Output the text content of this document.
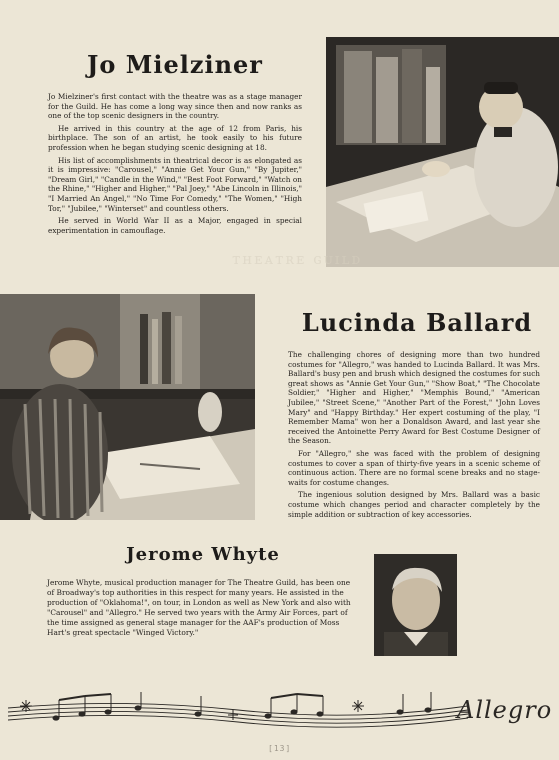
Jo Mielziner

Jo Mielziner's first contact with the theatre was as a stage manager for the Guild. He has come a long way since then and now ranks as one of the top scenic designers in the country.

He arrived in this country at the age of 12 from Paris, his birthplace. The son of an artist, he took easily to his future profession when he began studying scenic designing at 18.

His list of accomplishments in theatrical decor is as elongated as it is impressive: "Carousel," "Annie Get Your Gun," "By Jupiter," "Dream Girl," "Candle in the Wind," "Best Foot Forward," "Watch on the Rhine," "Higher and Higher," "Pal Joey," "Abe Lincoln in Illinois," "I Married An Angel," "No Time For Comedy," "The Women," "High Tor," "Jubilee," "Winterset" and countless others.

He served in World War II as a Major, engaged in special experimentation in camouflage.

ᴛʜᴇᴀᴛʀᴇ ɢᴜɪʟᴅ
Lucinda Ballard

The challenging chores of designing more than two hundred costumes for "Allegro," was handed to Lucinda Ballard. It was Mrs. Ballard's busy pen and brush which designed the costumes for such great shows as "Annie Get Your Gun," "Show Boat," "The Chocolate Soldier," "Higher and Higher," "Memphis Bound," "American Jubilee," "Street Scene," "Another Part of the Forest," "John Loves Mary" and "Happy Birthday." Her expert costuming of the play, "I Remember Mama" won her a Donaldson Award, and last year she received the Antoinette Perry Award for Best Costume Designer of the Season.

For "Allegro," she was faced with the problem of designing costumes to cover a span of thirty-five years in a scenic scheme of continuous action. There are no formal scene breaks and no stage-waits for costume changes.

The ingenious solution designed by Mrs. Ballard was a basic costume which changes period and character completely by the simple addition or subtraction of key accessories.

Jerome Whyte

Jerome Whyte, musical production manager for The Theatre Guild, has been one of Broadway's top authorities in this respect for many years. He assisted in the production of "Oklahoma!", on tour, in London as well as New York and also with "Carousel" and "Allegro." He served two years with the Army Air Forces, part of the time assigned as general stage manager for the AAF's production of Moss Hart's great spectacle "Winged Victory."

Allegro
[13]
